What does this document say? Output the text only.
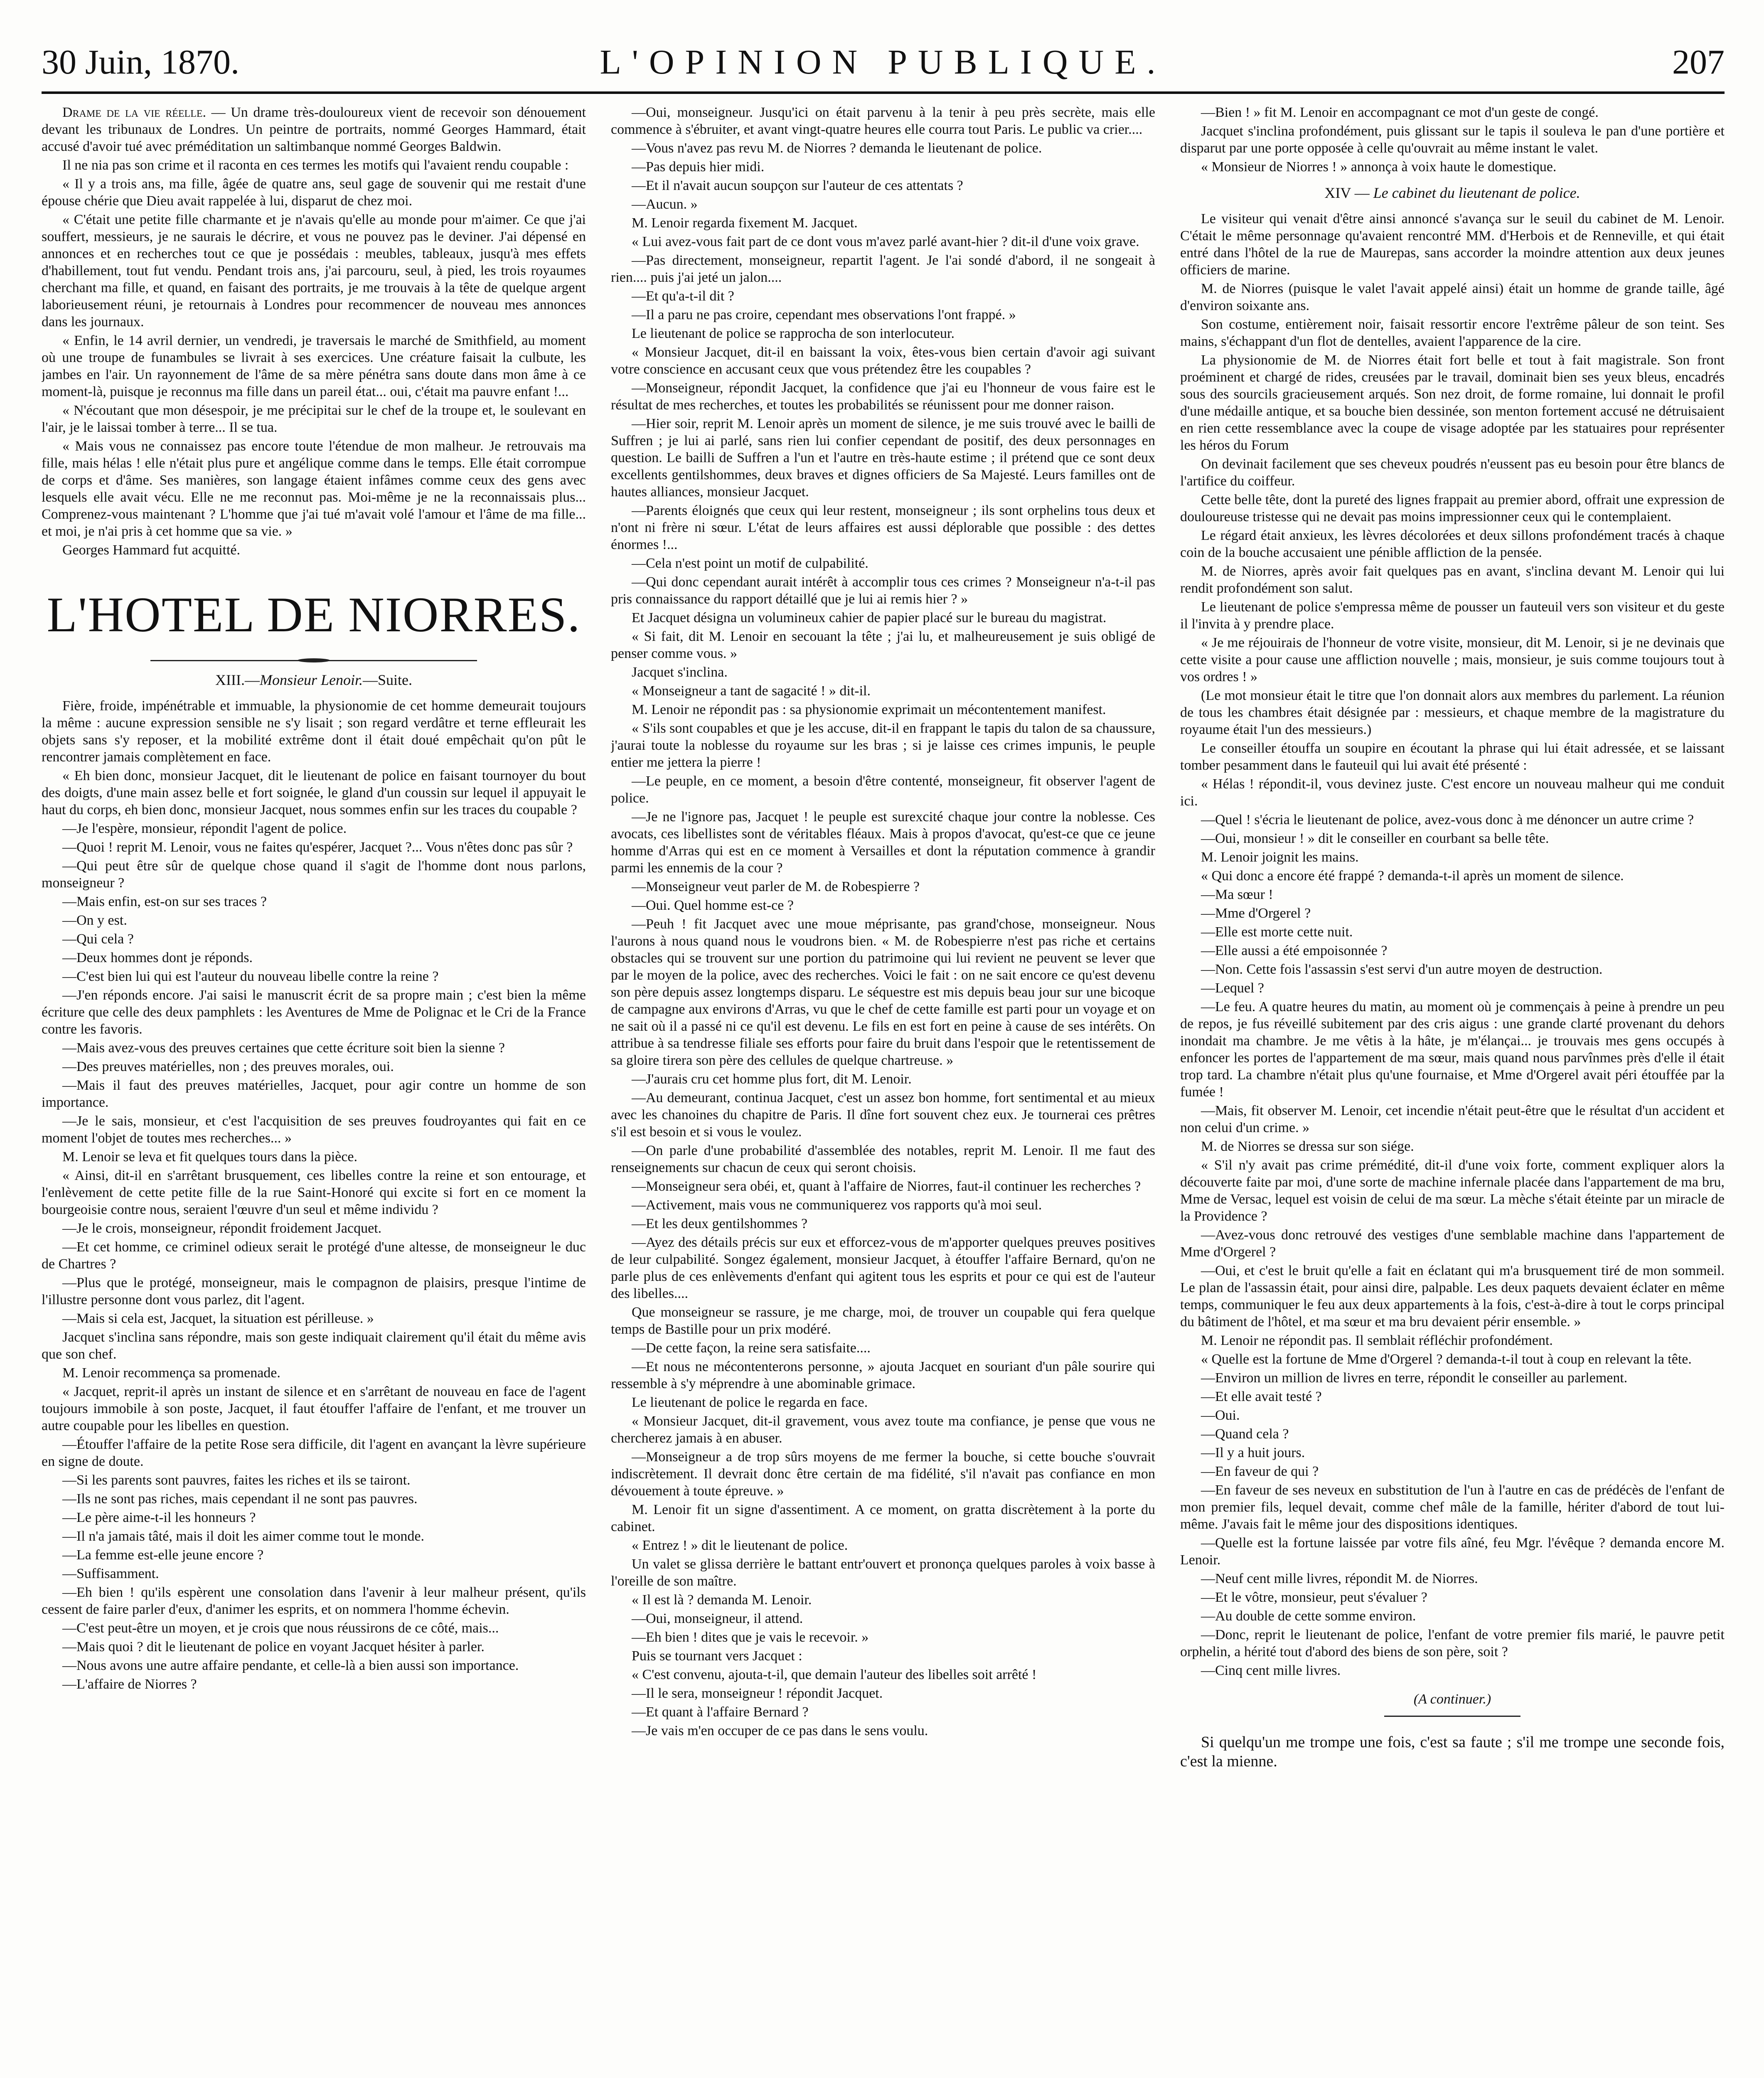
L'OPINION PUBLIQUE.
30 Juin, 1870.	207

Drame de la vie réelle. — Un drame très-douloureux vient de recevoir son dénouement devant les tribunaux de Londres. Un peintre de portraits, nommé Georges Hammard, était accusé d'avoir tué avec préméditation un saltimbanque nommé Georges Baldwin.

Il ne nia pas son crime et il raconta en ces termes les motifs qui l'avaient rendu coupable :

« Il y a trois ans, ma fille, âgée de quatre ans, seul gage de souvenir qui me restait d'une épouse chérie que Dieu avait rappelée à lui, disparut de chez moi.

« C'était une petite fille charmante et je n'avais qu'elle au monde pour m'aimer. Ce que j'ai souffert, messieurs, je ne saurais le décrire, et vous ne pouvez pas le deviner. J'ai dépensé en annonces et en recherches tout ce que je possédais : meubles, tableaux, jusqu'à mes effets d'habillement, tout fut vendu. Pendant trois ans, j'ai parcouru, seul, à pied, les trois royaumes cherchant ma fille, et quand, en faisant des portraits, je me trouvais à la tête de quelque argent laborieusement réuni, je retournais à Londres pour recommencer de nouveau mes annonces dans les journaux.

« Enfin, le 14 avril dernier, un vendredi, je traversais le marché de Smithfield, au moment où une troupe de funambules se livrait à ses exercices. Une créature faisait la culbute, les jambes en l'air. Un rayonnement de l'âme de sa mère pénétra sans doute dans mon âme à ce moment-là, puisque je reconnus ma fille dans un pareil état... oui, c'était ma pauvre enfant !...

« N'écoutant que mon désespoir, je me précipitai sur le chef de la troupe et, le soulevant en l'air, je le laissai tomber à terre... Il se tua.

« Mais vous ne connaissez pas encore toute l'étendue de mon malheur. Je retrouvais ma fille, mais hélas ! elle n'était plus pure et angélique comme dans le temps. Elle était corrompue de corps et d'âme. Ses manières, son langage étaient infâmes comme ceux des gens avec lesquels elle avait vécu. Elle ne me reconnut pas. Moi-même je ne la reconnaissais plus... Comprenez-vous maintenant ? L'homme que j'ai tué m'avait volé l'amour et l'âme de ma fille... et moi, je n'ai pris à cet homme que sa vie. »

Georges Hammard fut acquitté.

L'HOTEL DE NIORRES.
XIII.—Monsieur Lenoir.—Suite.

Fière, froide, impénétrable et immuable, la physionomie de cet homme demeurait toujours la même : aucune expression sensible ne s'y lisait ; son regard verdâtre et terne effleurait les objets sans s'y reposer, et la mobilité extrême dont il était doué empêchait qu'on pût le rencontrer jamais complètement en face.

« Eh bien donc, monsieur Jacquet, dit le lieutenant de police en faisant tournoyer du bout des doigts, d'une main assez belle et fort soignée, le gland d'un coussin sur lequel il appuyait le haut du corps, eh bien donc, monsieur Jacquet, nous sommes enfin sur les traces du coupable ?

—Je l'espère, monsieur, répondit l'agent de police.

—Quoi ! reprit M. Lenoir, vous ne faites qu'espérer, Jacquet ?... Vous n'êtes donc pas sûr ?

—Qui peut être sûr de quelque chose quand il s'agit de l'homme dont nous parlons, monseigneur ?

—Mais enfin, est-on sur ses traces ?

—On y est.

—Qui cela ?

—Deux hommes dont je réponds.

—C'est bien lui qui est l'auteur du nouveau libelle contre la reine ?

—J'en réponds encore. J'ai saisi le manuscrit écrit de sa propre main ; c'est bien la même écriture que celle des deux pamphlets : les Aventures de Mme de Polignac et le Cri de la France contre les favoris.

—Mais avez-vous des preuves certaines que cette écriture soit bien la sienne ?

—Des preuves matérielles, non ; des preuves morales, oui.

—Mais il faut des preuves matérielles, Jacquet, pour agir contre un homme de son importance.

—Je le sais, monsieur, et c'est l'acquisition de ses preuves foudroyantes qui fait en ce moment l'objet de toutes mes recherches... »

M. Lenoir se leva et fit quelques tours dans la pièce.

« Ainsi, dit-il en s'arrêtant brusquement, ces libelles contre la reine et son entourage, et l'enlèvement de cette petite fille de la rue Saint-Honoré qui excite si fort en ce moment la bourgeoisie contre nous, seraient l'œuvre d'un seul et même individu ?

—Je le crois, monseigneur, répondit froidement Jacquet.

—Et cet homme, ce criminel odieux serait le protégé d'une altesse, de monseigneur le duc de Chartres ?

—Plus que le protégé, monseigneur, mais le compagnon de plaisirs, presque l'intime de l'illustre personne dont vous parlez, dit l'agent.

—Mais si cela est, Jacquet, la situation est périlleuse. »

Jacquet s'inclina sans répondre, mais son geste indiquait clairement qu'il était du même avis que son chef.

M. Lenoir recommença sa promenade.

« Jacquet, reprit-il après un instant de silence et en s'arrêtant de nouveau en face de l'agent toujours immobile à son poste, Jacquet, il faut étouffer l'affaire de l'enfant, et me trouver un autre coupable pour les libelles en question.

—Étouffer l'affaire de la petite Rose sera difficile, dit l'agent en avançant la lèvre supérieure en signe de doute.

—Si les parents sont pauvres, faites les riches et ils se tairont.

—Ils ne sont pas riches, mais cependant il ne sont pas pauvres.

—Le père aime-t-il les honneurs ?

—Il n'a jamais tâté, mais il doit les aimer comme tout le monde.

—La femme est-elle jeune encore ?

—Suffisamment.

—Eh bien ! qu'ils espèrent une consolation dans l'avenir à leur malheur présent, qu'ils cessent de faire parler d'eux, d'animer les esprits, et on nommera l'homme échevin.

—C'est peut-être un moyen, et je crois que nous réussirons de ce côté, mais...

—Mais quoi ? dit le lieutenant de police en voyant Jacquet hésiter à parler.

—Nous avons une autre affaire pendante, et celle-là a bien aussi son importance.

—L'affaire de Niorres ?

—Oui, monseigneur. Jusqu'ici on était parvenu à la tenir à peu près secrète, mais elle commence à s'ébruiter, et avant vingt-quatre heures elle courra tout Paris. Le public va crier....

—Vous n'avez pas revu M. de Niorres ? demanda le lieutenant de police.

—Pas depuis hier midi.

—Et il n'avait aucun soupçon sur l'auteur de ces attentats ?

—Aucun. »

M. Lenoir regarda fixement M. Jacquet.

« Lui avez-vous fait part de ce dont vous m'avez parlé avant-hier ? dit-il d'une voix grave.

—Pas directement, monseigneur, repartit l'agent. Je l'ai sondé d'abord, il ne songeait à rien.... puis j'ai jeté un jalon....

—Et qu'a-t-il dit ?

—Il a paru ne pas croire, cependant mes observations l'ont frappé. »

Le lieutenant de police se rapprocha de son interlocuteur.

« Monsieur Jacquet, dit-il en baissant la voix, êtes-vous bien certain d'avoir agi suivant votre conscience en accusant ceux que vous prétendez être les coupables ?

—Monseigneur, répondit Jacquet, la confidence que j'ai eu l'honneur de vous faire est le résultat de mes recherches, et toutes les probabilités se réunissent pour me donner raison.

—Hier soir, reprit M. Lenoir après un moment de silence, je me suis trouvé avec le bailli de Suffren ; je lui ai parlé, sans rien lui confier cependant de positif, des deux personnages en question. Le bailli de Suffren a l'un et l'autre en très-haute estime ; il prétend que ce sont deux excellents gentilshommes, deux braves et dignes officiers de Sa Majesté. Leurs familles ont de hautes alliances, monsieur Jacquet.

—Parents éloignés que ceux qui leur restent, monseigneur ; ils sont orphelins tous deux et n'ont ni frère ni sœur. L'état de leurs affaires est aussi déplorable que possible : des dettes énormes !...

—Cela n'est point un motif de culpabilité.

—Qui donc cependant aurait intérêt à accomplir tous ces crimes ? Monseigneur n'a-t-il pas pris connaissance du rapport détaillé que je lui ai remis hier ? »

Et Jacquet désigna un volumineux cahier de papier placé sur le bureau du magistrat.

« Si fait, dit M. Lenoir en secouant la tête ; j'ai lu, et malheureusement je suis obligé de penser comme vous. »

Jacquet s'inclina.

« Monseigneur a tant de sagacité ! » dit-il.

M. Lenoir ne répondit pas : sa physionomie exprimait un mécontentement manifest.

« S'ils sont coupables et que je les accuse, dit-il en frappant le tapis du talon de sa chaussure, j'aurai toute la noblesse du royaume sur les bras ; si je laisse ces crimes impunis, le peuple entier me jettera la pierre !

—Le peuple, en ce moment, a besoin d'être contenté, monseigneur, fit observer l'agent de police.

—Je ne l'ignore pas, Jacquet ! le peuple est surexcité chaque jour contre la noblesse. Ces avocats, ces libellistes sont de véritables fléaux. Mais à propos d'avocat, qu'est-ce que ce jeune homme d'Arras qui est en ce moment à Versailles et dont la réputation commence à grandir parmi les ennemis de la cour ?

—Monseigneur veut parler de M. de Robespierre ?

—Oui. Quel homme est-ce ?

—Peuh ! fit Jacquet avec une moue méprisante, pas grand'chose, monseigneur. Nous l'aurons à nous quand nous le voudrons bien. « M. de Robespierre n'est pas riche et certains obstacles qui se trouvent sur une portion du patrimoine qui lui revient ne peuvent se lever que par le moyen de la police, avec des recherches. Voici le fait : on ne sait encore ce qu'est devenu son père depuis assez longtemps disparu. Le séquestre est mis depuis beau jour sur une bicoque de campagne aux environs d'Arras, vu que le chef de cette famille est parti pour un voyage et on ne sait où il a passé ni ce qu'il est devenu. Le fils en est fort en peine à cause de ses intérêts. On attribue à sa tendresse filiale ses efforts pour faire du bruit dans l'espoir que le retentissement de sa gloire tirera son père des cellules de quelque chartreuse. »

—J'aurais cru cet homme plus fort, dit M. Lenoir.

—Au demeurant, continua Jacquet, c'est un assez bon homme, fort sentimental et au mieux avec les chanoines du chapitre de Paris. Il dîne fort souvent chez eux. Je tournerai ces prêtres s'il est besoin et si vous le voulez.

—On parle d'une probabilité d'assemblée des notables, reprit M. Lenoir. Il me faut des renseignements sur chacun de ceux qui seront choisis.

—Monseigneur sera obéi, et, quant à l'affaire de Niorres, faut-il continuer les recherches ?

—Activement, mais vous ne communiquerez vos rapports qu'à moi seul.

—Et les deux gentilshommes ?

—Ayez des détails précis sur eux et efforcez-vous de m'apporter quelques preuves positives de leur culpabilité. Songez également, monsieur Jacquet, à étouffer l'affaire Bernard, qu'on ne parle plus de ces enlèvements d'enfant qui agitent tous les esprits et pour ce qui est de l'auteur des libelles....

Que monseigneur se rassure, je me charge, moi, de trouver un coupable qui fera quelque temps de Bastille pour un prix modéré.

—De cette façon, la reine sera satisfaite....

—Et nous ne mécontenterons personne, » ajouta Jacquet en souriant d'un pâle sourire qui ressemble à s'y méprendre à une abominable grimace.

Le lieutenant de police le regarda en face.

« Monsieur Jacquet, dit-il gravement, vous avez toute ma confiance, je pense que vous ne chercherez jamais à en abuser.

—Monseigneur a de trop sûrs moyens de me fermer la bouche, si cette bouche s'ouvrait indiscrètement. Il devrait donc être certain de ma fidélité, s'il n'avait pas confiance en mon dévouement à toute épreuve. »

M. Lenoir fit un signe d'assentiment. A ce moment, on gratta discrètement à la porte du cabinet.

« Entrez ! » dit le lieutenant de police.

Un valet se glissa derrière le battant entr'ouvert et prononça quelques paroles à voix basse à l'oreille de son maître.

« Il est là ? demanda M. Lenoir.

—Oui, monseigneur, il attend.

—Eh bien ! dites que je vais le recevoir. »

Puis se tournant vers Jacquet :

« C'est convenu, ajouta-t-il, que demain l'auteur des libelles soit arrêté !

—Il le sera, monseigneur ! répondit Jacquet.

—Et quant à l'affaire Bernard ?

—Je vais m'en occuper de ce pas dans le sens voulu.

—Bien ! » fit M. Lenoir en accompagnant ce mot d'un geste de congé.

Jacquet s'inclina profondément, puis glissant sur le tapis il souleva le pan d'une portière et disparut par une porte opposée à celle qu'ouvrait au même instant le valet.

« Monsieur de Niorres ! » annonça à voix haute le domestique.

XIV — Le cabinet du lieutenant de police.

Le visiteur qui venait d'être ainsi annoncé s'avança sur le seuil du cabinet de M. Lenoir. C'était le même personnage qu'avaient rencontré MM. d'Herbois et de Renneville, et qui était entré dans l'hôtel de la rue de Maurepas, sans accorder la moindre attention aux deux jeunes officiers de marine.

M. de Niorres (puisque le valet l'avait appelé ainsi) était un homme de grande taille, âgé d'environ soixante ans.

Son costume, entièrement noir, faisait ressortir encore l'extrême pâleur de son teint. Ses mains, s'échappant d'un flot de dentelles, avaient l'apparence de la cire.

La physionomie de M. de Niorres était fort belle et tout à fait magistrale. Son front proéminent et chargé de rides, creusées par le travail, dominait bien ses yeux bleus, encadrés sous des sourcils gracieusement arqués. Son nez droit, de forme romaine, lui donnait le profil d'une médaille antique, et sa bouche bien dessinée, son menton fortement accusé ne détruisaient en rien cette ressemblance avec la coupe de visage adoptée par les statuaires pour représenter les héros du Forum

On devinait facilement que ses cheveux poudrés n'eussent pas eu besoin pour être blancs de l'artifice du coiffeur.

Cette belle tête, dont la pureté des lignes frappait au premier abord, offrait une expression de douloureuse tristesse qui ne devait pas moins impressionner ceux qui le contemplaient.

Le régard était anxieux, les lèvres décolorées et deux sillons profondément tracés à chaque coin de la bouche accusaient une pénible affliction de la pensée.

M. de Niorres, après avoir fait quelques pas en avant, s'inclina devant M. Lenoir qui lui rendit profondément son salut.

Le lieutenant de police s'empressa même de pousser un fauteuil vers son visiteur et du geste il l'invita à y prendre place.

« Je me réjouirais de l'honneur de votre visite, monsieur, dit M. Lenoir, si je ne devinais que cette visite a pour cause une affliction nouvelle ; mais, monsieur, je suis comme toujours tout à vos ordres ! »

(Le mot monsieur était le titre que l'on donnait alors aux membres du parlement. La réunion de tous les chambres était désignée par : messieurs, et chaque membre de la magistrature du royaume était l'un des messieurs.)

Le conseiller étouffa un soupire en écoutant la phrase qui lui était adressée, et se laissant tomber pesamment dans le fauteuil qui lui avait été présenté :

« Hélas ! répondit-il, vous devinez juste. C'est encore un nouveau malheur qui me conduit ici.

—Quel ! s'écria le lieutenant de police, avez-vous donc à me dénoncer un autre crime ?

—Oui, monsieur ! » dit le conseiller en courbant sa belle tête.

M. Lenoir joignit les mains.

« Qui donc a encore été frappé ? demanda-t-il après un moment de silence.

—Ma sœur !

—Mme d'Orgerel ?

—Elle est morte cette nuit.

—Elle aussi a été empoisonnée ?

—Non. Cette fois l'assassin s'est servi d'un autre moyen de destruction.

—Lequel ?

—Le feu. A quatre heures du matin, au moment où je commençais à peine à prendre un peu de repos, je fus réveillé subitement par des cris aigus : une grande clarté provenant du dehors inondait ma chambre. Je me vêtis à la hâte, je m'élançai... je trouvais mes gens occupés à enfoncer les portes de l'appartement de ma sœur, mais quand nous parvînmes près d'elle il était trop tard. La chambre n'était plus qu'une fournaise, et Mme d'Orgerel avait péri étouffée par la fumée !

—Mais, fit observer M. Lenoir, cet incendie n'était peut-être que le résultat d'un accident et non celui d'un crime. »

M. de Niorres se dressa sur son siége.

« S'il n'y avait pas crime prémédité, dit-il d'une voix forte, comment expliquer alors la découverte faite par moi, d'une sorte de machine infernale placée dans l'appartement de ma bru, Mme de Versac, lequel est voisin de celui de ma sœur. La mèche s'était éteinte par un miracle de la Providence ?

—Avez-vous donc retrouvé des vestiges d'une semblable machine dans l'appartement de Mme d'Orgerel ?

—Oui, et c'est le bruit qu'elle a fait en éclatant qui m'a brusquement tiré de mon sommeil. Le plan de l'assassin était, pour ainsi dire, palpable. Les deux paquets devaient éclater en même temps, communiquer le feu aux deux appartements à la fois, c'est-à-dire à tout le corps principal du bâtiment de l'hôtel, et ma sœur et ma bru devaient périr ensemble. »

M. Lenoir ne répondit pas. Il semblait réfléchir profondément.

« Quelle est la fortune de Mme d'Orgerel ? demanda-t-il tout à coup en relevant la tête.

—Environ un million de livres en terre, répondit le conseiller au parlement.

—Et elle avait testé ?

—Oui.

—Quand cela ?

—Il y a huit jours.

—En faveur de qui ?

—En faveur de ses neveux en substitution de l'un à l'autre en cas de prédécès de l'enfant de mon premier fils, lequel devait, comme chef mâle de la famille, hériter d'abord de tout lui-même. J'avais fait le même jour des dispositions identiques.

—Quelle est la fortune laissée par votre fils aîné, feu Mgr. l'évêque ? demanda encore M. Lenoir.

—Neuf cent mille livres, répondit M. de Niorres.

—Et le vôtre, monsieur, peut s'évaluer ?

—Au double de cette somme environ.

—Donc, reprit le lieutenant de police, l'enfant de votre premier fils marié, le pauvre petit orphelin, a hérité tout d'abord des biens de son père, soit ?

—Cinq cent mille livres.

(A continuer.)

Si quelqu'un me trompe une fois, c'est sa faute ; s'il me trompe une seconde fois, c'est la mienne.
